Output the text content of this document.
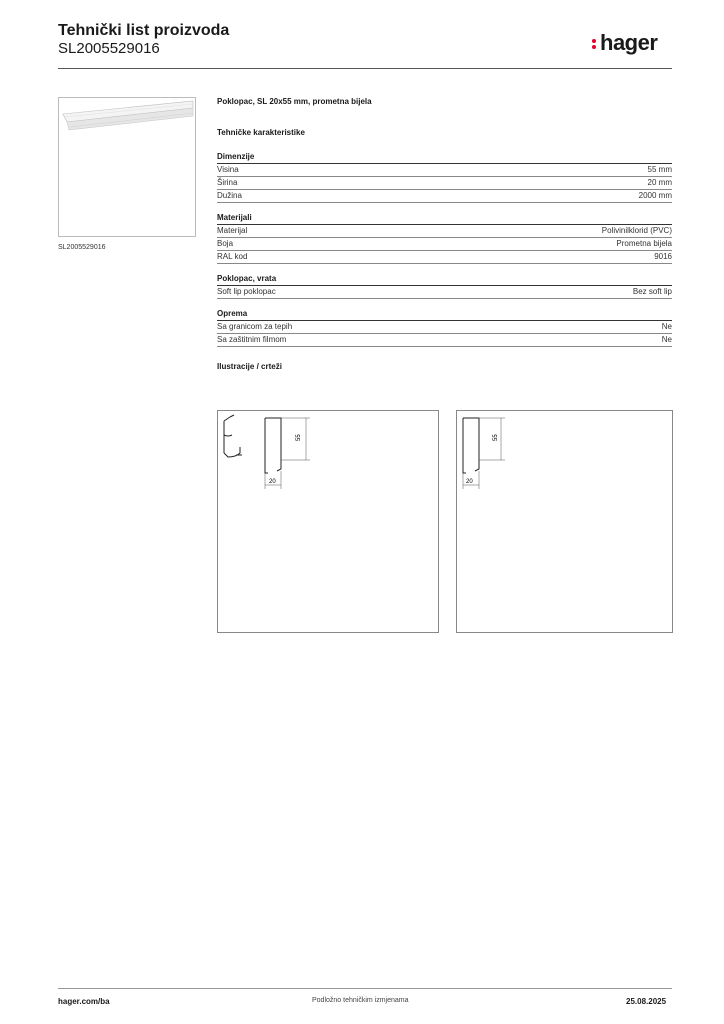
Tehnički list proizvoda
SL2005529016	hager
SL2005529016
Poklopac, SL 20x55 mm, prometna bijela
Tehničke karakteristike
Dimenzije
Visina	55 mm
Širina	20 mm
Dužina	2000 mm
Materijali
Materijal	Polivinilklorid (PVC)
Boja	Prometna bijela
RAL kod	9016
Poklopac, vrata
Soft lip poklopac	Bez soft lip
Oprema
Sa granicom za tepih	Ne
Sa zaštitnim filmom	Ne
Ilustracije / crteži
55
20
55
20
hager.com/ba	Podložno tehničkim izmjenama	25.08.2025
